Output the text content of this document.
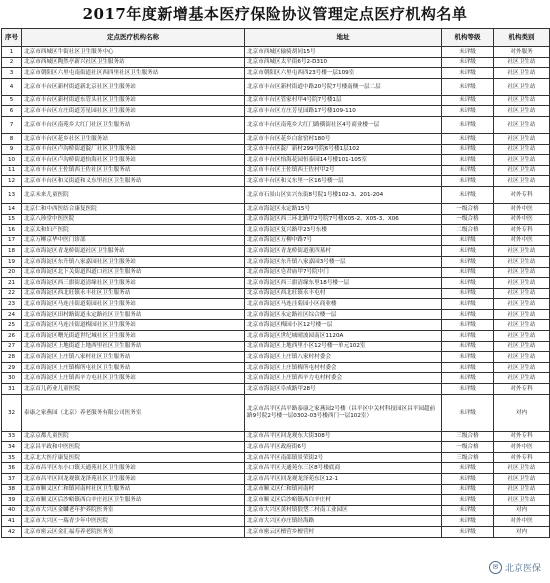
2017年度新增基本医疗保险协议管理定点医疗机构名单
序号	定点医疗机构名称	地址	机构等级	机构类别
1	北京市西城区牛街社区卫生服务中心	北京市西城区输骑胡同15号	未评级	对外服务
2	北京市西城区陶然亭新兴社区卫生服务站	北京市西城区太平街6号2-D310	未评级	社区卫生站
3	北京市朝阳区六里屯南街道社区西四里社区卫生服务站	北京市朝阳区六里屯西四23号楼一层109室	未评级	社区卫生站
4	北京市丰台区新村街道新北京社区卫生服务站	北京市丰台区新村街道中路20号院7号楼南侧一层二层	未评级	社区卫生站
5	北京市丰台区新村街道东管头社区卫生服务站	北京市丰台区管家村甲4号院7号楼1层	未评级	社区卫生站
6	北京市丰台区方庄街道芳星园社区卫生服务站	北京市丰台区方庄芳星园路17号楼109-110	未评级	社区卫生站
7	北京市丰台区南苑乡大红门社区卫生服务站	北京市丰台区南苑乡大红门路横街社区4号商业楼一层	未评级	社区卫生站
8	北京市丰台区花乡社区卫生服务站	北京市丰台区花乡白盆窑村180号	未评级	社区卫生站
9	北京市丰台区卢沟桥街道靛厂社区卫生服务站	北京市丰台区靛厂新村299号院6号楼1层102	未评级	社区卫生站
10	北京市丰台区卢沟桥街道怡海社区卫生服务站	北京市丰台区怡海花园恒泰园14号楼101-105室	未评级	社区卫生站
11	北京市丰台区王佐镇西王佐社区卫生服务站	北京市丰台区王佐镇西王佐村甲2号	未评级	社区卫生站
12	北京市丰台区和义街道和义东里社区卫生服务站	北京市丰台区和义东里一区16号楼一层	未评级	社区卫生站
13	北京未来儿童医院	北京市石景山区实兴东街8号院1号楼102-3、201-204	未评级	对外专科
14	北京仁和中西医结合康复医院	北京市海淀区永定路15号	一级合格	对外中医
15	北京八珍堂中医医院	北京市海淀区西三环北路甲2号院7号楼X05-2、X05-3、X06	一级合格	对外中医
16	北京太和妇产医院	北京市海淀区复兴路甲23号东楼	二级合格	对外专科
17	北京万柳京华中医门诊部	北京市海淀区万柳中路7号	未评级	对外中医
18	北京市海淀区青龙桥街道社区卫生服务站	北京市海淀区青龙桥街道董四墓村	未评级	社区卫生站
19	北京市海淀区东升镇八家嘉园社区卫生服务站	北京市海淀区东升镇八家嘉园3号楼一层	未评级	社区卫生站
20	北京市海淀区北下关街道四道口社区卫生服务站	北京市海淀区皂君庙甲7号院中门	未评级	社区卫生站
21	北京市海淀区西三旗街道清缘社区卫生服务站	北京市海淀区西三旗清缘东里18号楼一层	未评级	社区卫生站
22	北京市海淀区西北旺镇永丰社区卫生服务站	北京市海淀区西北旺镇永丰屯村	未评级	社区卫生站
23	北京市海淀区马连洼街道菊园社区卫生服务站	北京市海淀区马连洼菊园小区商业楼	未评级	社区卫生站
24	北京市海淀区田村路街道永定路社区卫生服务站	北京市海淀区永定路社区综合楼一层	未评级	社区卫生站
25	北京市海淀区马连洼街道梅园社区卫生服务站	北京市海淀区梅园小区12号楼一层	未评级	社区卫生站
26	北京市海淀区曙光街道世纪城社区卫生服务站	北京市海淀区世纪城晴波园南区1120A	未评级	社区卫生站
27	北京市海淀区上地街道上地西里社区卫生服务站	北京市海淀区上地西里小区12号楼一单元102室	未评级	社区卫生站
28	北京市海淀区上庄镇八家村社区卫生服务站	北京市海淀区上庄镇八家村村委会	未评级	社区卫生站
29	北京市海淀区上庄镇梅所屯社区卫生服务站	北京市海淀区上庄镇梅所屯村村委会	未评级	社区卫生站
30	北京市海淀区上庄镇西辛力屯社区卫生服务站	北京市海淀区上庄镇西辛力屯村村委会	未评级	社区卫生站
31	北京首儿药业儿童医院	北京市海淀区阜成路甲28号	未评级	对外专科
32	泰康之家燕园（北京）养老服务有限公司医务室	北京市昌平区昌平路泰康之家燕园2号楼（昌平区中关村科技园区昌平园超前路9号院2号楼一层0302-03号楼西门一层102室）	未评级	对内
33	北京京都儿童医院	北京市昌平区回龙观东大街308号	三级合格	对外专科
34	北京昌平政和中医医院	北京市昌平区政府街6号	一级合格	对外中医
35	北京北大医疗康复医院	北京市昌平区南邵镇景荣街2号	三级合格	对外专科
36	北京市昌平区东小口镇天通苑社区卫生服务站	北京市昌平区天通苑东三区8号楼底商	未评级	社区卫生站
37	北京市昌平区回龙观镇龙泽苑社区卫生服务站	北京市昌平区回龙观龙泽苑东区12-1	未评级	社区卫生站
38	北京市顺义区仁和镇河南村社区卫生服务站	北京市顺义区仁和镇河南村	未评级	社区卫生站
39	北京市顺义区后沙峪镇西白辛庄社区卫生服务站	北京市顺义区后沙峪镇西白辛庄村	未评级	社区卫生站
40	北京市大兴区金麟老年护养院医务室	北京市大兴区黄村镇狼垡二村南工业园区	未评级	对内
41	北京市大兴区一瑞青少年中医医院	北京市大兴区亦庄镇经海路	未评级	对外中医
42	北京市密云区金汇福寿养老院医务室	北京市密云区檀营乡檀营村	未评级	对内
✉ 北京医保
